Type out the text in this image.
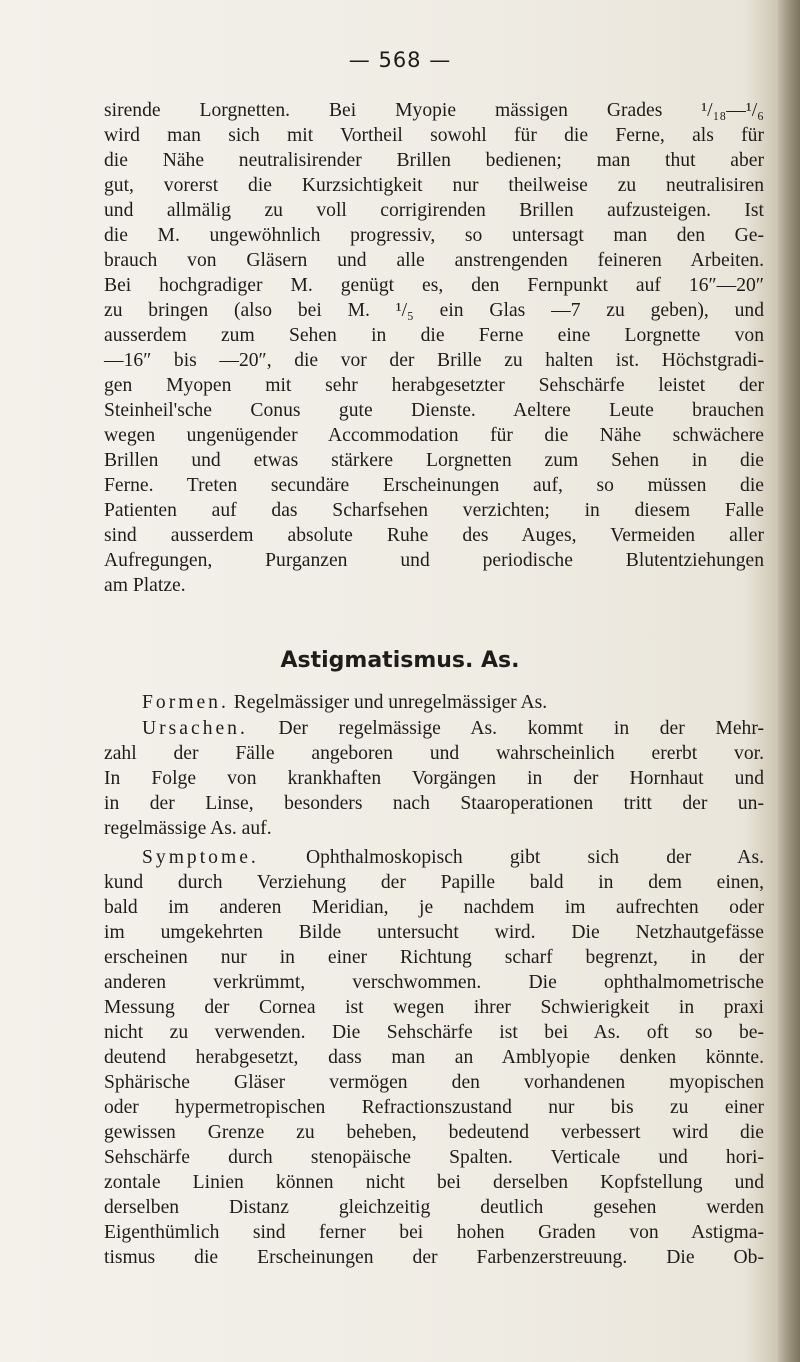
— 568 —
sirende Lorgnetten. Bei Myopie mässigen Grades ¹/₁₈—¹/₆
wird man sich mit Vortheil sowohl für die Ferne, als für
die Nähe neutralisirender Brillen bedienen; man thut aber
gut, vorerst die Kurzsichtigkeit nur theilweise zu neutralisiren
und allmälig zu voll corrigirenden Brillen aufzusteigen. Ist
die M. ungewöhnlich progressiv, so untersagt man den Ge-
brauch von Gläsern und alle anstrengenden feineren Arbeiten.
Bei hochgradiger M. genügt es, den Fernpunkt auf 16″—20″
zu bringen (also bei M. ¹/₅ ein Glas —7 zu geben), und
ausserdem zum Sehen in die Ferne eine Lorgnette von
—16″ bis —20″, die vor der Brille zu halten ist. Höchstgradi-
gen Myopen mit sehr herabgesetzter Sehschärfe leistet der
Steinheil'sche Conus gute Dienste. Aeltere Leute brauchen
wegen ungenügender Accommodation für die Nähe schwächere
Brillen und etwas stärkere Lorgnetten zum Sehen in die
Ferne. Treten secundäre Erscheinungen auf, so müssen die
Patienten auf das Scharfsehen verzichten; in diesem Falle
sind ausserdem absolute Ruhe des Auges, Vermeiden aller
Aufregungen, Purganzen und periodische Blutentziehungen
am Platze.
Astigmatismus. As.
Formen. Regelmässiger und unregelmässiger As.
Ursachen. Der regelmässige As. kommt in der Mehr-
zahl der Fälle angeboren und wahrscheinlich ererbt vor.
In Folge von krankhaften Vorgängen in der Hornhaut und
in der Linse, besonders nach Staaroperationen tritt der un-
regelmässige As. auf.
Symptome. Ophthalmoskopisch gibt sich der As.
kund durch Verziehung der Papille bald in dem einen,
bald im anderen Meridian, je nachdem im aufrechten oder
im umgekehrten Bilde untersucht wird. Die Netzhautgefässe
erscheinen nur in einer Richtung scharf begrenzt, in der
anderen verkrümmt, verschwommen. Die ophthalmometrische
Messung der Cornea ist wegen ihrer Schwierigkeit in praxi
nicht zu verwenden. Die Sehschärfe ist bei As. oft so be-
deutend herabgesetzt, dass man an Amblyopie denken könnte.
Sphärische Gläser vermögen den vorhandenen myopischen
oder hypermetropischen Refractionszustand nur bis zu einer
gewissen Grenze zu beheben, bedeutend verbessert wird die
Sehschärfe durch stenopäische Spalten. Verticale und hori-
zontale Linien können nicht bei derselben Kopfstellung und
derselben Distanz gleichzeitig deutlich gesehen werden
Eigenthümlich sind ferner bei hohen Graden von Astigma-
tismus die Erscheinungen der Farbenzerstreuung. Die Ob-
